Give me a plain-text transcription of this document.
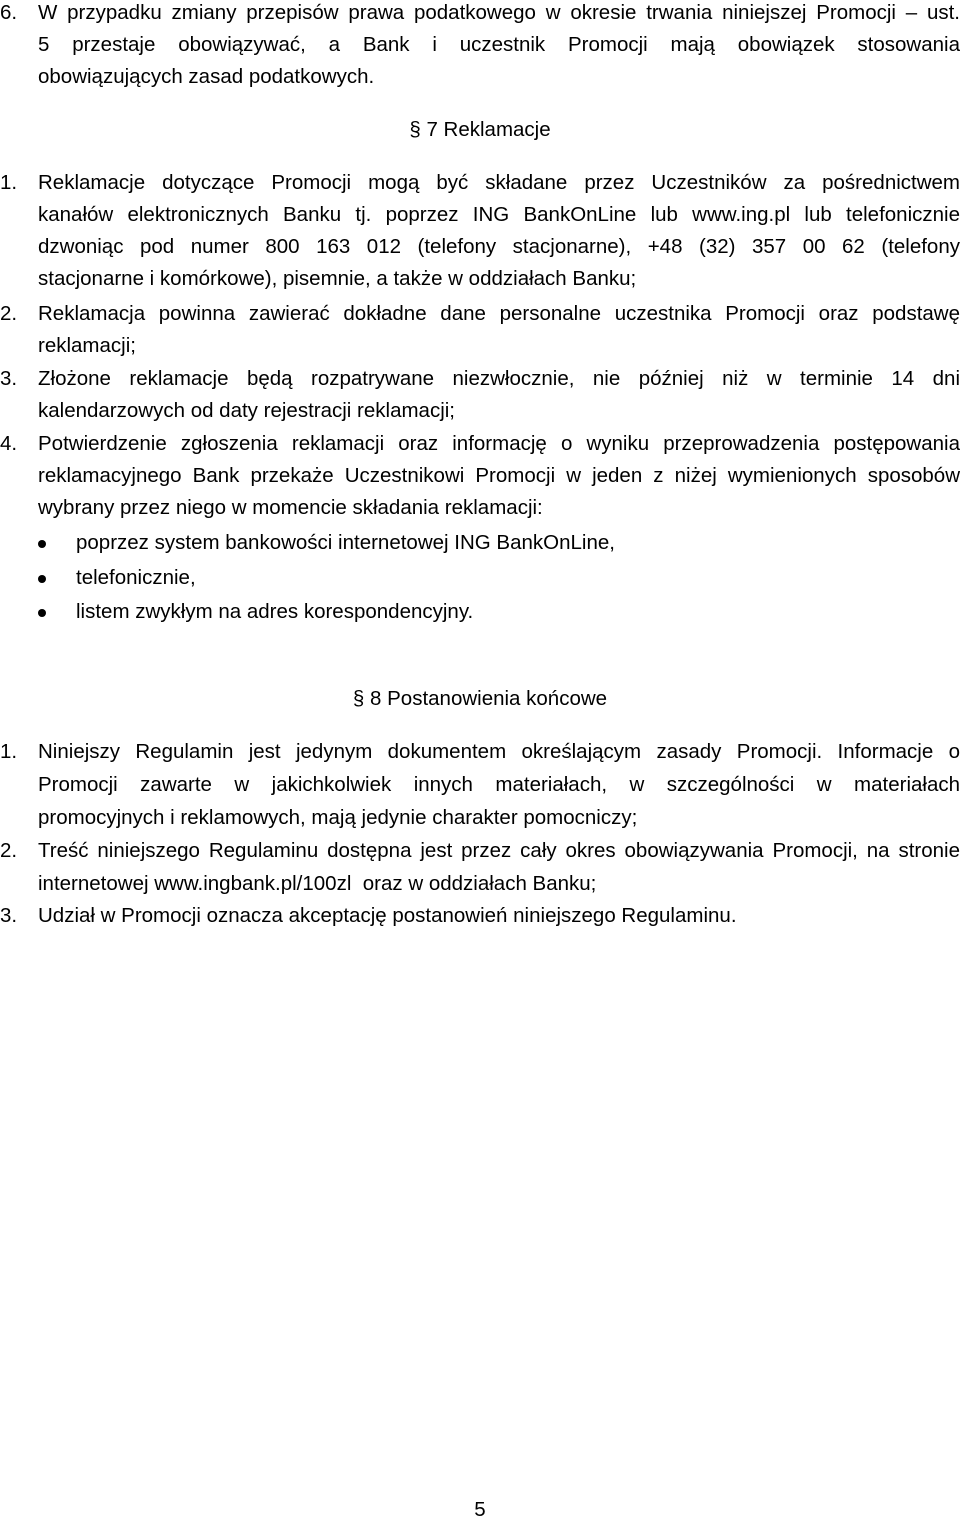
6. W przypadku zmiany przepisów prawa podatkowego w okresie trwania niniejszej Promocji – ust.
5 przestaje obowiązywać, a Bank i uczestnik Promocji mają obowiązek stosowania
obowiązujących zasad podatkowych.
§ 7 Reklamacje
1. Reklamacje dotyczące Promocji mogą być składane przez Uczestników za pośrednictwem
kanałów elektronicznych Banku tj. poprzez ING BankOnLine lub www.ing.pl lub telefonicznie
dzwoniąc pod numer 800 163 012 (telefony stacjonarne), +48 (32) 357 00 62 (telefony
stacjonarne i komórkowe), pisemnie, a także w oddziałach Banku;
2. Reklamacja powinna zawierać dokładne dane personalne uczestnika Promocji oraz podstawę
reklamacji;
3. Złożone reklamacje będą rozpatrywane niezwłocznie, nie później niż w terminie 14 dni
kalendarzowych od daty rejestracji reklamacji;
4. Potwierdzenie zgłoszenia reklamacji oraz informację o wyniku przeprowadzenia postępowania
reklamacyjnego Bank przekaże Uczestnikowi Promocji w jeden z niżej wymienionych sposobów
wybrany przez niego w momencie składania reklamacji:
poprzez system bankowości internetowej ING BankOnLine,
telefonicznie,
listem zwykłym na adres korespondencyjny.
§ 8 Postanowienia końcowe
1. Niniejszy Regulamin jest jedynym dokumentem określającym zasady Promocji. Informacje o
Promocji zawarte w jakichkolwiek innych materiałach, w szczególności w materiałach
promocyjnych i reklamowych, mają jedynie charakter pomocniczy;
2. Treść niniejszego Regulaminu dostępna jest przez cały okres obowiązywania Promocji, na stronie
internetowej www.ingbank.pl/100zl  oraz w oddziałach Banku;
3. Udział w Promocji oznacza akceptację postanowień niniejszego Regulaminu.
5
